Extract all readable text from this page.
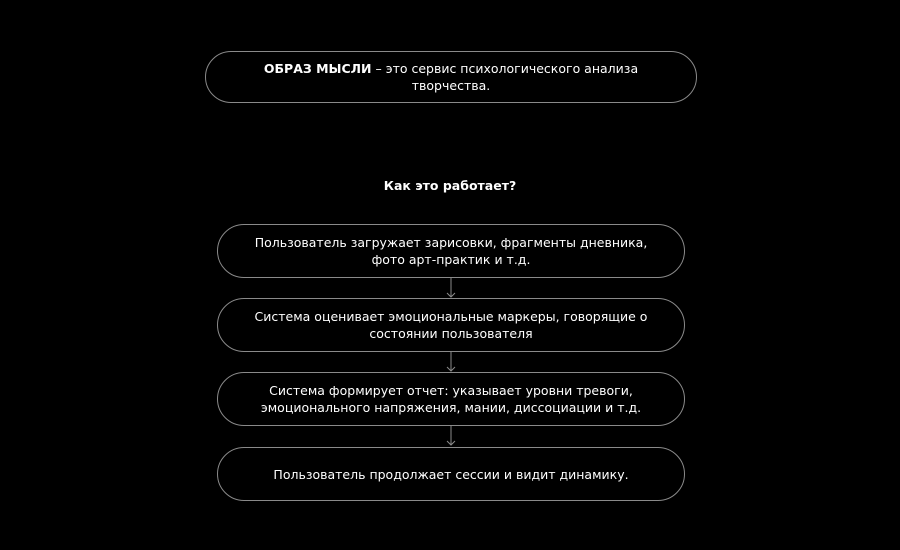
ОБРАЗ МЫСЛИ – это сервис психологического анализа творчества.
Как это работает?
Пользователь загружает зарисовки, фрагменты дневника, фото арт-практик и т.д.
Система оценивает эмоциональные маркеры, говорящие о состоянии пользователя
Система формирует отчет: указывает уровни тревоги, эмоционального напряжения, мании, диссоциации и т.д.
Пользователь продолжает сессии и видит динамику.
